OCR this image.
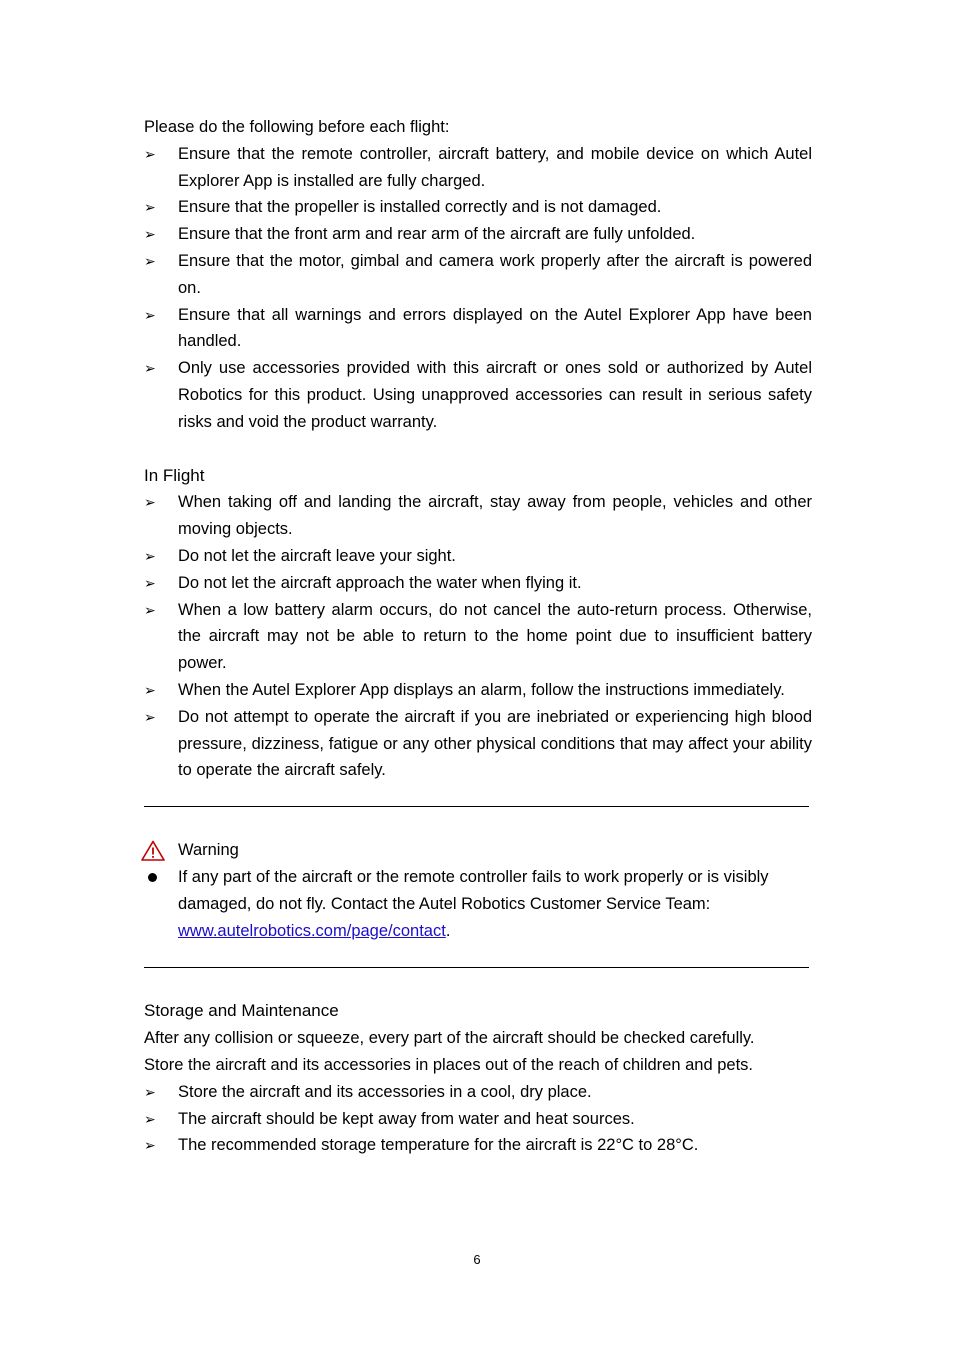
Please do the following before each flight:
➢	Ensure that the remote controller, aircraft battery, and mobile device on which Autel Explorer App is installed are fully charged.
➢	Ensure that the propeller is installed correctly and is not damaged.
➢	Ensure that the front arm and rear arm of the aircraft are fully unfolded.
➢	Ensure that the motor, gimbal and camera work properly after the aircraft is powered on.
➢	Ensure that all warnings and errors displayed on the Autel Explorer App have been handled.
➢	Only use accessories provided with this aircraft or ones sold or authorized by Autel Robotics for this product. Using unapproved accessories can result in serious safety risks and void the product warranty.
In Flight
➢	When taking off and landing the aircraft, stay away from people, vehicles and other moving objects.
➢	Do not let the aircraft leave your sight.
➢	Do not let the aircraft approach the water when flying it.
➢	When a low battery alarm occurs, do not cancel the auto-return process. Otherwise, the aircraft may not be able to return to the home point due to insufficient battery power.
➢	When the Autel Explorer App displays an alarm, follow the instructions immediately.
➢	Do not attempt to operate the aircraft if you are inebriated or experiencing high blood pressure, dizziness, fatigue or any other physical conditions that may affect your ability to operate the aircraft safely.
Warning
If any part of the aircraft or the remote controller fails to work properly or is visibly damaged, do not fly. Contact the Autel Robotics Customer Service Team: www.autelrobotics.com/page/contact.
Storage and Maintenance
After any collision or squeeze, every part of the aircraft should be checked carefully.
Store the aircraft and its accessories in places out of the reach of children and pets.
➢	Store the aircraft and its accessories in a cool, dry place.
➢	The aircraft should be kept away from water and heat sources.
➢	The recommended storage temperature for the aircraft is 22°C to 28°C.
6
